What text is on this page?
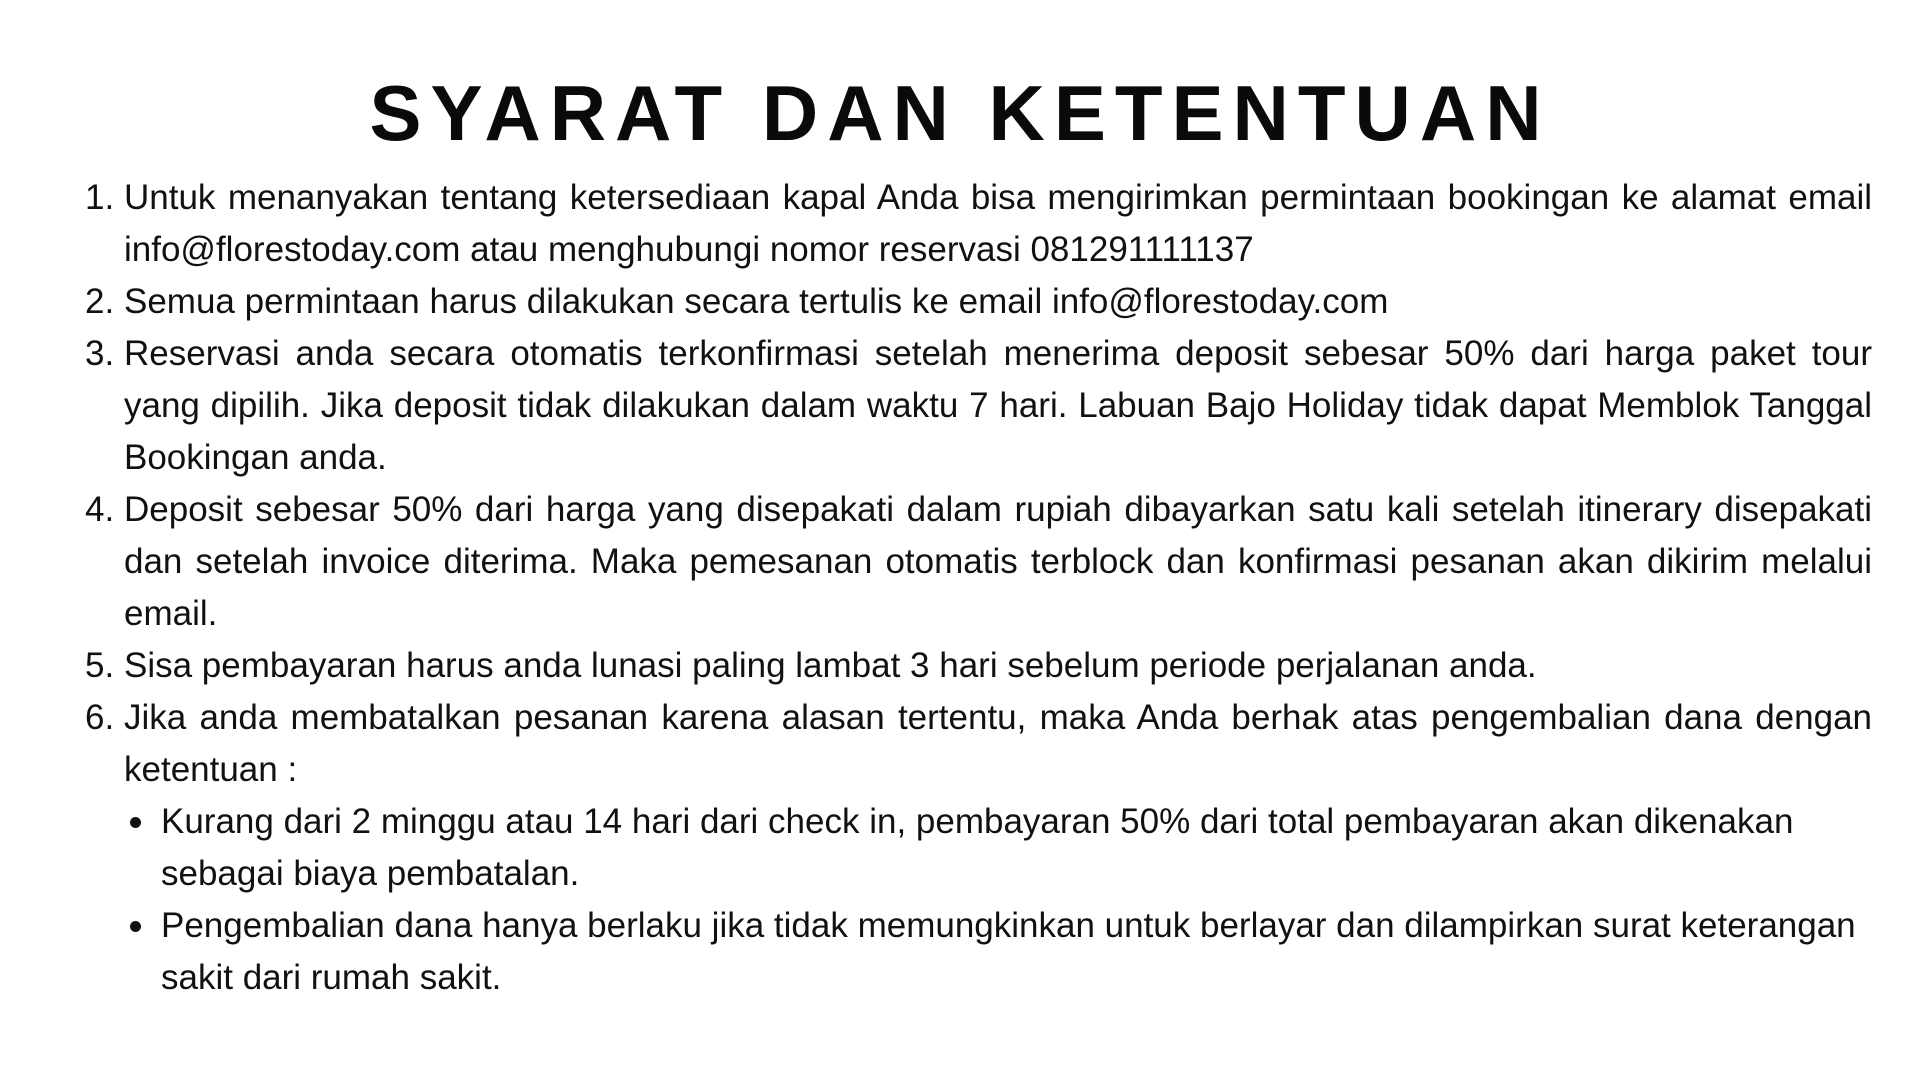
SYARAT DAN KETENTUAN
1. Untuk menanyakan tentang ketersediaan kapal Anda bisa mengirimkan permintaan bookingan ke alamat email info@florestoday.com atau menghubungi nomor reservasi 081291111137
2. Semua permintaan harus dilakukan secara tertulis ke email info@florestoday.com
3. Reservasi anda secara otomatis terkonfirmasi setelah menerima deposit sebesar 50% dari harga paket tour yang dipilih. Jika deposit tidak dilakukan dalam waktu 7 hari. Labuan Bajo Holiday tidak dapat Memblok Tanggal Bookingan anda.
4. Deposit sebesar 50% dari harga yang disepakati dalam rupiah dibayarkan satu kali setelah itinerary disepakati dan setelah invoice diterima. Maka pemesanan otomatis terblock dan konfirmasi pesanan akan dikirim melalui email.
5. Sisa pembayaran harus anda lunasi paling lambat 3 hari sebelum periode perjalanan anda.
6. Jika anda membatalkan pesanan karena alasan tertentu, maka Anda berhak atas pengembalian dana dengan ketentuan :
Kurang dari 2 minggu atau 14 hari dari check in, pembayaran 50% dari total pembayaran akan dikenakan sebagai biaya pembatalan.
Pengembalian dana hanya berlaku jika tidak memungkinkan untuk berlayar dan dilampirkan surat keterangan sakit dari rumah sakit.
